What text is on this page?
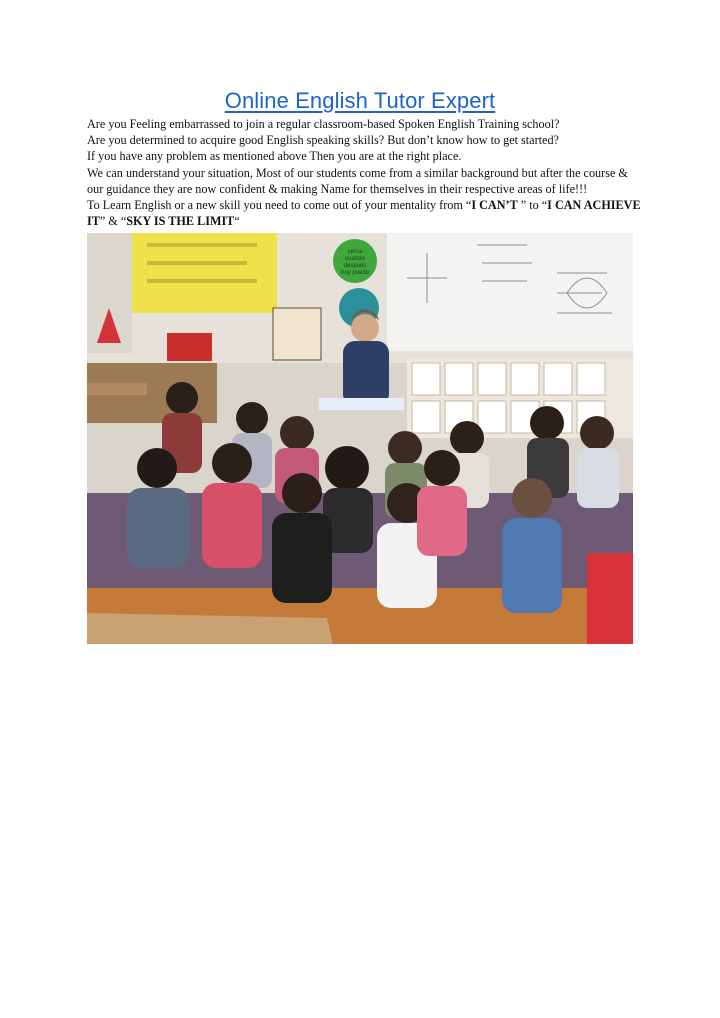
Online English Tutor Expert

Are you Feeling embarrassed to join a regular classroom-based Spoken English Training school?

Are you determined to acquire good English speaking skills? But don’t know how to get started?

If you have any problem as mentioned above Then you are at the right place.

We can understand your situation, Most of our students come from a similar background but after the course & our guidance they are now confident & making Name for themselves in their respective areas of life!!!

To Learn English or a new skill you need to come out of your mentality from “I CAN’T ” to “I CAN ACHIEVE IT” & “SKY IS THE LIMIT“

cerca
cuando
después
hoy puedo
